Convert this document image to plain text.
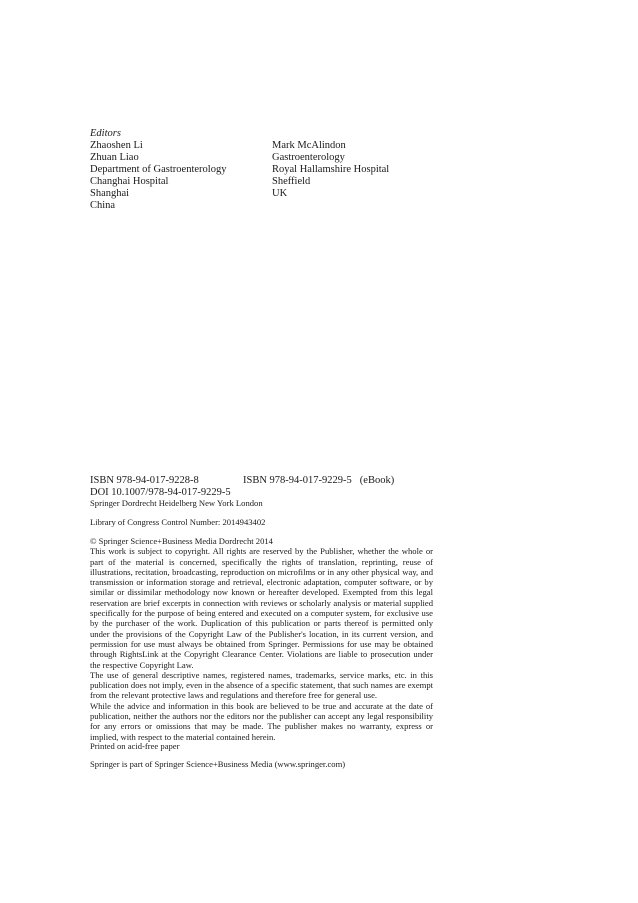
Editors
Zhaoshen Li
Zhuan Liao
Department of Gastroenterology
Changhai Hospital
Shanghai
China
Mark McAlindon
Gastroenterology
Royal Hallamshire Hospital
Sheffield
UK
ISBN 978-94-017-9228-8	ISBN 978-94-017-9229-5 (eBook)
DOI 10.1007/978-94-017-9229-5
Springer Dordrecht Heidelberg New York London
Library of Congress Control Number: 2014943402

© Springer Science+Business Media Dordrecht 2014

This work is subject to copyright. All rights are reserved by the Publisher, whether the whole or part of the material is concerned, specifically the rights of translation, reprinting, reuse of illustrations, recitation, broadcasting, reproduction on microfilms or in any other physical way, and transmission or information storage and retrieval, electronic adaptation, computer software, or by similar or dissimilar methodology now known or hereafter developed. Exempted from this legal reservation are brief excerpts in connection with reviews or scholarly analysis or material supplied specifically for the purpose of being entered and executed on a computer system, for exclusive use by the purchaser of the work. Duplication of this publication or parts thereof is permitted only under the provisions of the Copyright Law of the Publisher's location, in its current version, and permission for use must always be obtained from Springer. Permissions for use may be obtained through RightsLink at the Copyright Clearance Center. Violations are liable to prosecution under the respective Copyright Law.

The use of general descriptive names, registered names, trademarks, service marks, etc. in this publication does not imply, even in the absence of a specific statement, that such names are exempt from the relevant protective laws and regulations and therefore free for general use.

While the advice and information in this book are believed to be true and accurate at the date of publication, neither the authors nor the editors nor the publisher can accept any legal responsibility for any errors or omissions that may be made. The publisher makes no warranty, express or implied, with respect to the material contained herein.

Printed on acid-free paper
Springer is part of Springer Science+Business Media (www.springer.com)
